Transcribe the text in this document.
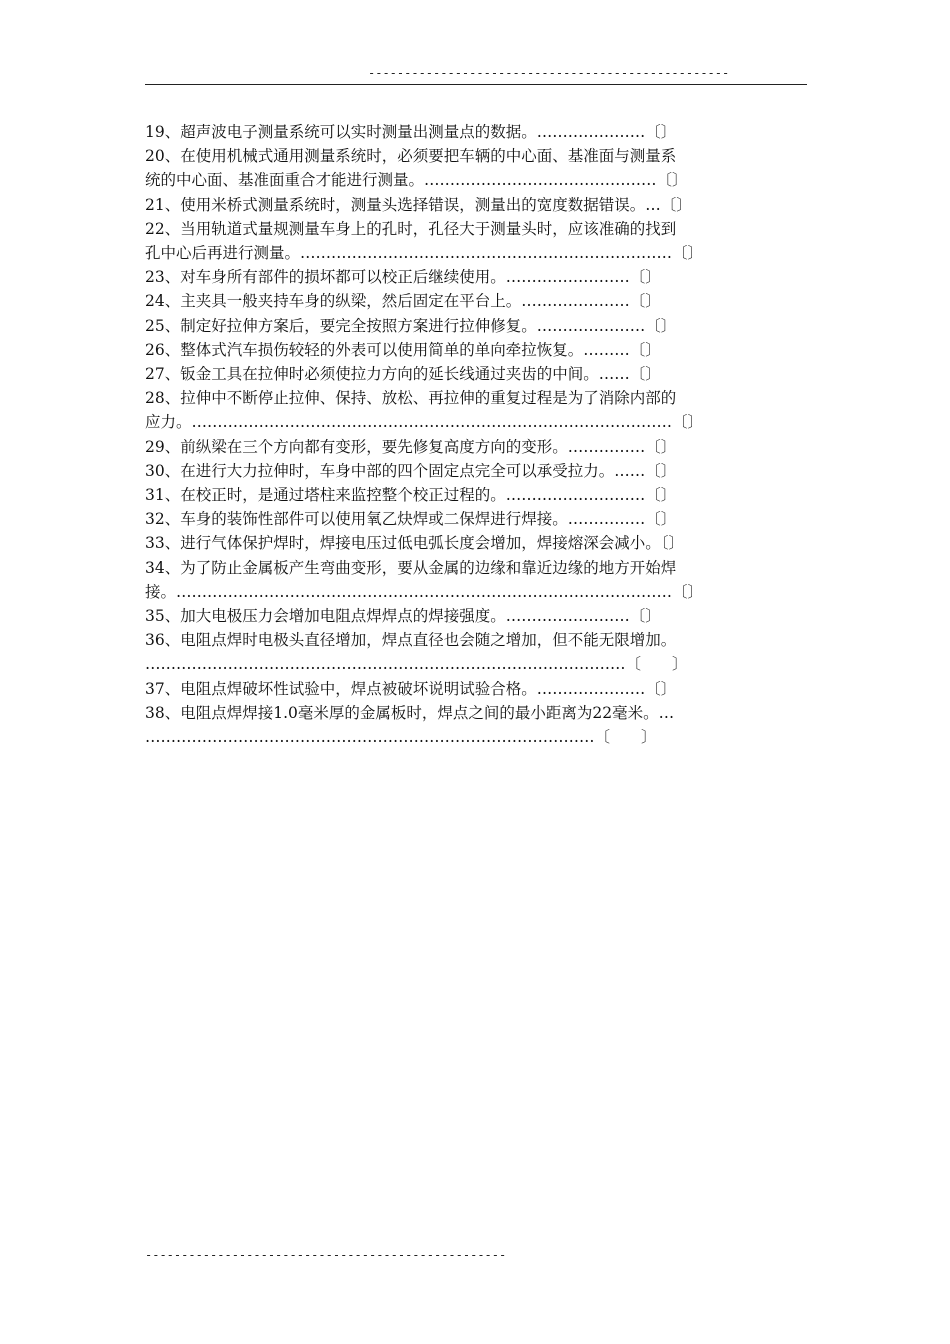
--------------------------------------------------
19、超声波电子测量系统可以实时测量出测量点的数据。…………………〔 〕
20、在使用机械式通用测量系统时，必须要把车辆的中心面、基准面与测量系
统的中心面、基准面重合才能进行测量。………………………………………〔 〕
21、使用米桥式测量系统时，测量头选择错误，测量出的宽度数据错误。…〔 〕
22、当用轨道式量规测量车身上的孔时，孔径大于测量头时，应该准确的找到
孔中心后再进行测量。………………………………………………………………〔 〕
23、对车身所有部件的损坏都可以校正后继续使用。……………………〔 〕
24、主夹具一般夹持车身的纵梁，然后固定在平台上。…………………〔 〕
25、制定好拉伸方案后，要完全按照方案进行拉伸修复。…………………〔 〕
26、整体式汽车损伤较轻的外表可以使用简单的单向牵拉恢复。………〔 〕
27、钣金工具在拉伸时必须使拉力方向的延长线通过夹齿的中间。……〔 〕
28、拉伸中不断停止拉伸、保持、放松、再拉伸的重复过程是为了消除内部的
应力。…………………………………………………………………………………〔 〕
29、前纵梁在三个方向都有变形，要先修复高度方向的变形。……………〔 〕
30、在进行大力拉伸时，车身中部的四个固定点完全可以承受拉力。……〔 〕
31、在校正时，是通过塔柱来监控整个校正过程的。………………………〔 〕
32、车身的装饰性部件可以使用氧乙炔焊或二保焊进行焊接。……………〔 〕
33、进行气体保护焊时，焊接电压过低电弧长度会增加，焊接熔深会减小。〔 〕
34、为了防止金属板产生弯曲变形，要从金属的边缘和靠近边缘的地方开始焊
接。……………………………………………………………………………………〔 〕
35、加大电极压力会增加电阻点焊焊点的焊接强度。……………………〔 〕
36、电阻点焊时电极头直径增加，焊点直径也会随之增加，但不能无限增加。
…………………………………………………………………………………〔　　〕
37、电阻点焊破坏性试验中，焊点被破坏说明试验合格。…………………〔 〕
38、电阻点焊焊接1.0毫米厚的金属板时，焊点之间的最小距离为22毫米。…
……………………………………………………………………………〔　　〕
--------------------------------------------------
